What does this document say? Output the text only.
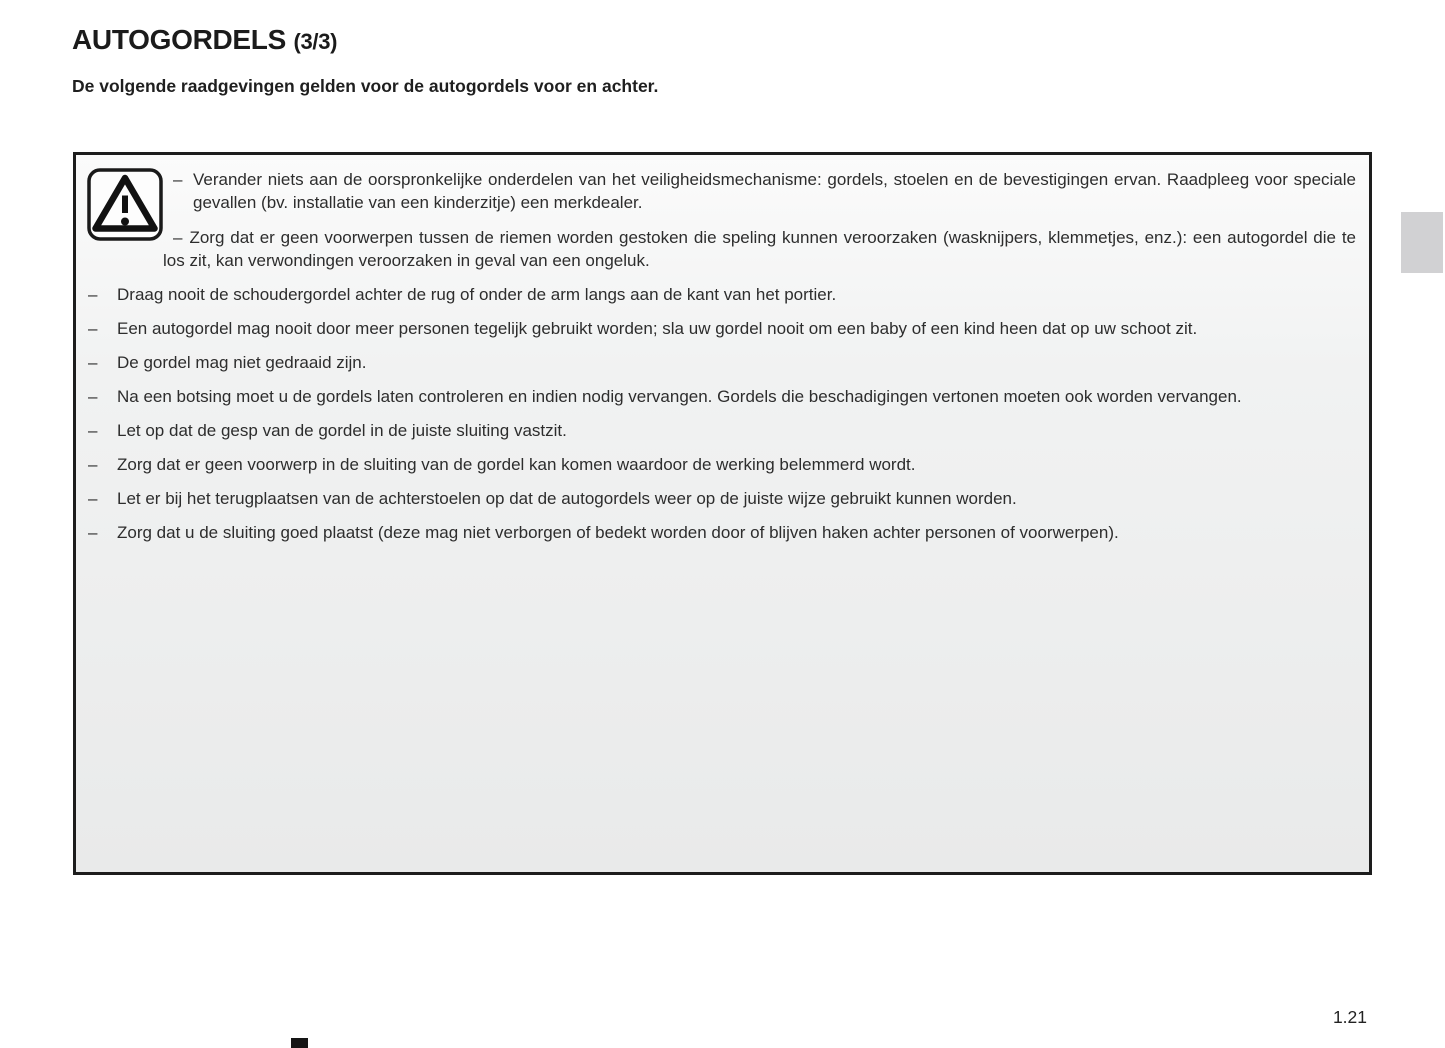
AUTOGORDELS (3/3)

De volgende raadgevingen gelden voor de autogordels voor en achter.

– Verander niets aan de oorspronkelijke onderdelen van het veiligheidsmechanisme: gordels, stoelen en de bevestigingen ervan. Raadpleeg voor speciale gevallen (bv. installatie van een kinderzitje) een merkdealer.

– Zorg dat er geen voorwerpen tussen de riemen worden gestoken die speling kunnen veroorzaken (wasknijpers, klemmetjes, enz.): een autogordel die te los zit, kan verwondingen veroorzaken in geval van een ongeluk.

–	Draag nooit de schoudergordel achter de rug of onder de arm langs aan de kant van het portier.
–	Een autogordel mag nooit door meer personen tegelijk gebruikt worden; sla uw gordel nooit om een baby of een kind heen dat op uw schoot zit.
–	De gordel mag niet gedraaid zijn.
–	Na een botsing moet u de gordels laten controleren en indien nodig vervangen. Gordels die beschadigingen vertonen moeten ook worden vervangen.
–	Let op dat de gesp van de gordel in de juiste sluiting vastzit.
–	Zorg dat er geen voorwerp in de sluiting van de gordel kan komen waardoor de werking belemmerd wordt.
–	Let er bij het terugplaatsen van de achterstoelen op dat de autogordels weer op de juiste wijze gebruikt kunnen worden.
–	Zorg dat u de sluiting goed plaatst (deze mag niet verborgen of bedekt worden door of blijven haken achter personen of voorwerpen).
1.21
